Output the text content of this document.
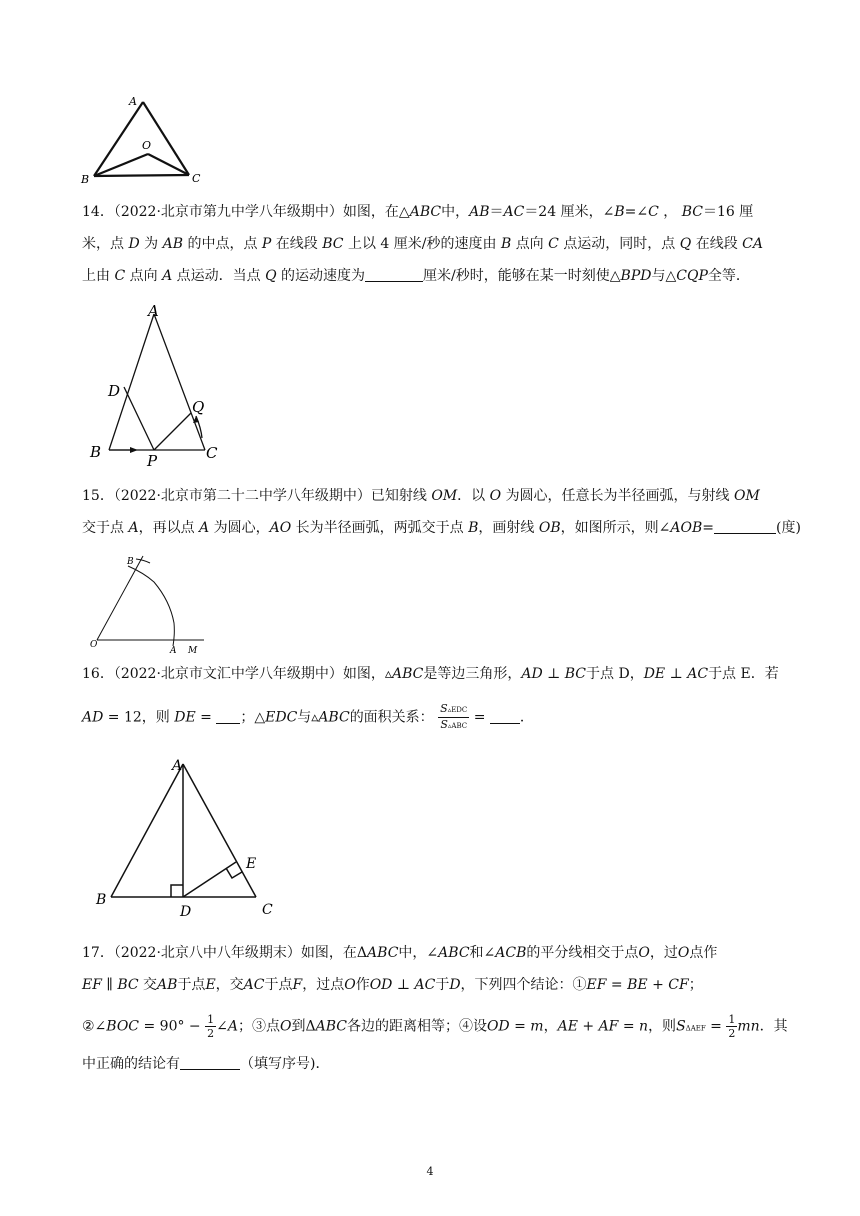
A
O
B	C
14．（2022·北京市第九中学八年级期中）如图，在△ABC中，AB＝AC＝24 厘米，∠B=∠C ， BC＝16 厘
米，点 D 为 AB 的中点，点 P 在线段 BC 上以 4 厘米/秒的速度由 B 点向 C 点运动，同时，点 Q 在线段 CA
上由 C 点向 A 点运动．当点 Q 的运动速度为	厘米/秒时，能够在某一时刻使△BPD与△CQP全等．
A
D
Q
B	P	C
15．（2022·北京市第二十二中学八年级期中）已知射线 OM．以 O 为圆心，任意长为半径画弧，与射线 OM
交于点 A，再以点 A 为圆心，AO 长为半径画弧，两弧交于点 B，画射线 OB，如图所示，则∠AOB=	(度)
B
O
A M
16．（2022·北京市文汇中学八年级期中）如图，▵ABC是等边三角形，AD ⊥ BC于点 D，DE ⊥ AC于点 E．若
AD = 12，则 DE = ；△EDC与▵ABC的面积关系： $\frac{\text{S▵EDC}}{\text{S▵ABC}}$ = ．
A
E
B
D	C
17．（2022·北京八中八年级期末）如图，在ΔABC中，∠ABC和∠ACB的平分线相交于点O，过O点作
EF ∥ BC 交AB于点E，交AC于点F，过点O作OD ⊥ AC于D，下列四个结论：①EF = BE + CF；
②∠BOC = $90^\circ - \frac{1}{2}$ ∠A；③点O到ΔABC各边的距离相等；④设OD = m，AE + AF = n，则$S\Delta AEF = \frac{1}{2}$ mn．其
中正确的结论有	（填写序号)．
4
